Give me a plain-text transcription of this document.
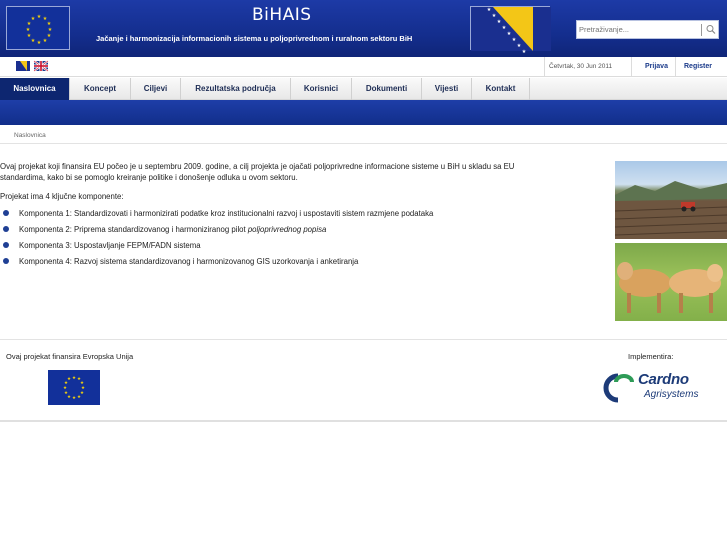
★ ★
★
★
★
★
★
★
★
★
★
★	BiHAIS
Jačanje i harmonizacija informacionih sistema u poljoprivrednom i ruralnom sektoru BiH
★
★
★
★
★
★
★
★
Pretraživanje...
Četvrtak, 30 Jun 2011	Prijava Register
Naslovnica	Koncept	Ciljevi	Rezultatska područja	Korisnici	Dokumenti	Vijesti	Kontakt
Naslovnica
Ovaj projekat koji finansira EU počeo je u septembru 2009. godine, a cilj projekta je ojačati poljoprivredne informacione sisteme u BiH u skladu sa EU standardima, kako bi se pomoglo kreiranje politike i donošenje odluka u ovom sektoru.
Projekat ima 4 ključne komponente:
Komponenta 1: Standardizovati i harmonizirati podatke kroz institucionalni razvoj i uspostaviti sistem razmjene podataka
Komponenta 2: Priprema standardizovanog i harmoniziranog pilot poljoprivrednog popisa
Komponenta 3: Uspostavljanje FEPM/FADN sistema
Komponenta 4: Razvoj sistema standardizovanog i harmonizovanog GIS uzorkovanja i anketiranja
Ovaj projekat finansira Evropska Unija
★ ★
★
★
★
★
★
★
★
★
★
★
Implementira:
Cardno
Agrisystems
